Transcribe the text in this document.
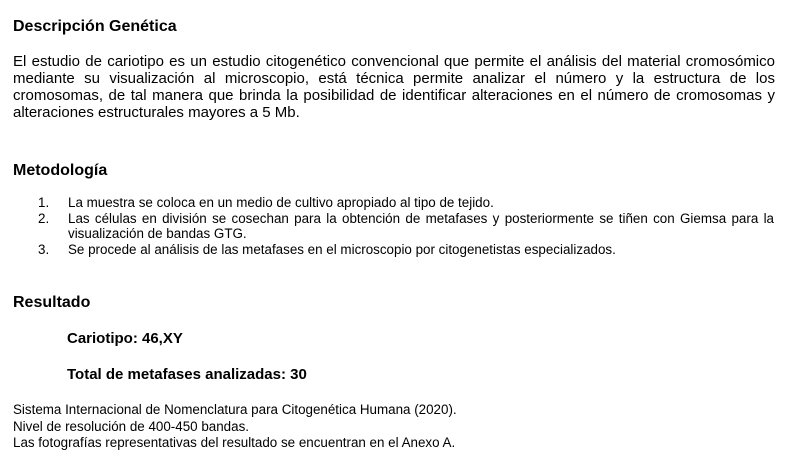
Descripción Genética

El estudio de cariotipo es un estudio citogenético convencional que permite el análisis del material cromosómico mediante su visualización al microscopio, está técnica permite analizar el número y la estructura de los cromosomas, de tal manera que brinda la posibilidad de identificar alteraciones en el número de cromosomas y alteraciones estructurales mayores a 5 Mb.

Metodología
1. La muestra se coloca en un medio de cultivo apropiado al tipo de tejido.
2. Las células en división se cosechan para la obtención de metafases y posteriormente se tiñen con Giemsa para la visualización de bandas GTG.
3. Se procede al análisis de las metafases en el microscopio por citogenetistas especializados.
Resultado

Cariotipo: 46,XY

Total de metafases analizadas: 30

Sistema Internacional de Nomenclatura para Citogenética Humana (2020).
Nivel de resolución de 400-450 bandas.
Las fotografías representativas del resultado se encuentran en el Anexo A.
